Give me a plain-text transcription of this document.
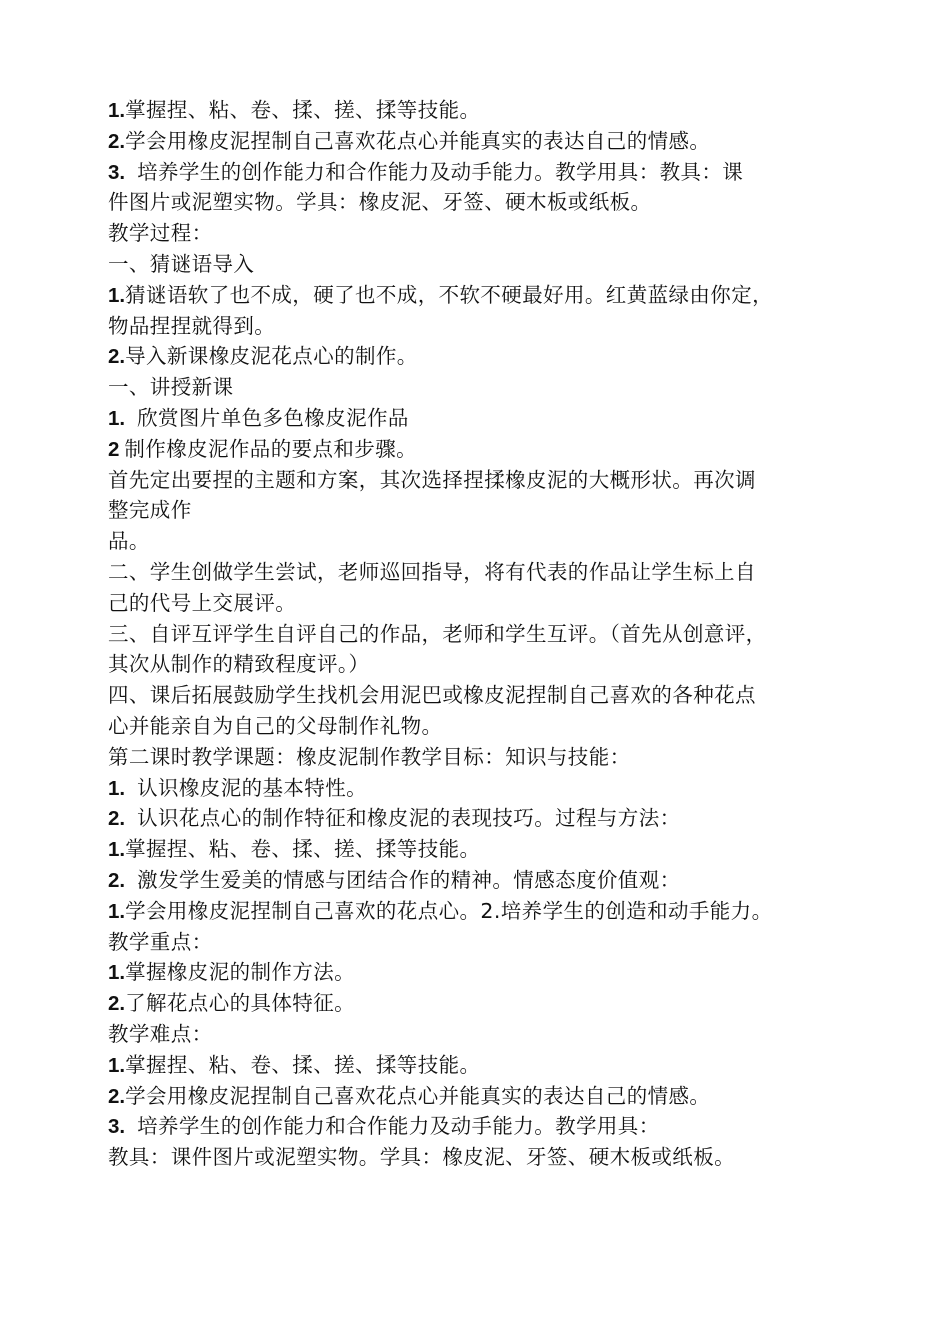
1.掌握捏、粘、卷、揉、搓、揉等技能。
2.学会用橡皮泥捏制自己喜欢花点心并能真实的表达自己的情感。
3. 培养学生的创作能力和合作能力及动手能力。教学用具：教具：课
件图片或泥塑实物。学具：橡皮泥、牙签、硬木板或纸板。
教学过程：
一、猜谜语导入
1.猜谜语软了也不成，硬了也不成，不软不硬最好用。红黄蓝绿由你定，
物品捏捏就得到。
2.导入新课橡皮泥花点心的制作。
一、讲授新课
1. 欣赏图片单色多色橡皮泥作品
2 制作橡皮泥作品的要点和步骤。
首先定出要捏的主题和方案，其次选择捏揉橡皮泥的大概形状。再次调
整完成作
品。
二、学生创做学生尝试，老师巡回指导，将有代表的作品让学生标上自
己的代号上交展评。
三、自评互评学生自评自己的作品，老师和学生互评。（首先从创意评，
其次从制作的精致程度评。）
四、课后拓展鼓励学生找机会用泥巴或橡皮泥捏制自己喜欢的各种花点
心并能亲自为自己的父母制作礼物。
第二课时教学课题：橡皮泥制作教学目标：知识与技能：
1. 认识橡皮泥的基本特性。
2. 认识花点心的制作特征和橡皮泥的表现技巧。过程与方法：
1.掌握捏、粘、卷、揉、搓、揉等技能。
2. 激发学生爱美的情感与团结合作的精神。情感态度价值观：
1.学会用橡皮泥捏制自己喜欢的花点心。2.培养学生的创造和动手能力。
教学重点：
1.掌握橡皮泥的制作方法。
2.了解花点心的具体特征。
教学难点：
1.掌握捏、粘、卷、揉、搓、揉等技能。
2.学会用橡皮泥捏制自己喜欢花点心并能真实的表达自己的情感。
3. 培养学生的创作能力和合作能力及动手能力。教学用具：
教具：课件图片或泥塑实物。学具：橡皮泥、牙签、硬木板或纸板。
